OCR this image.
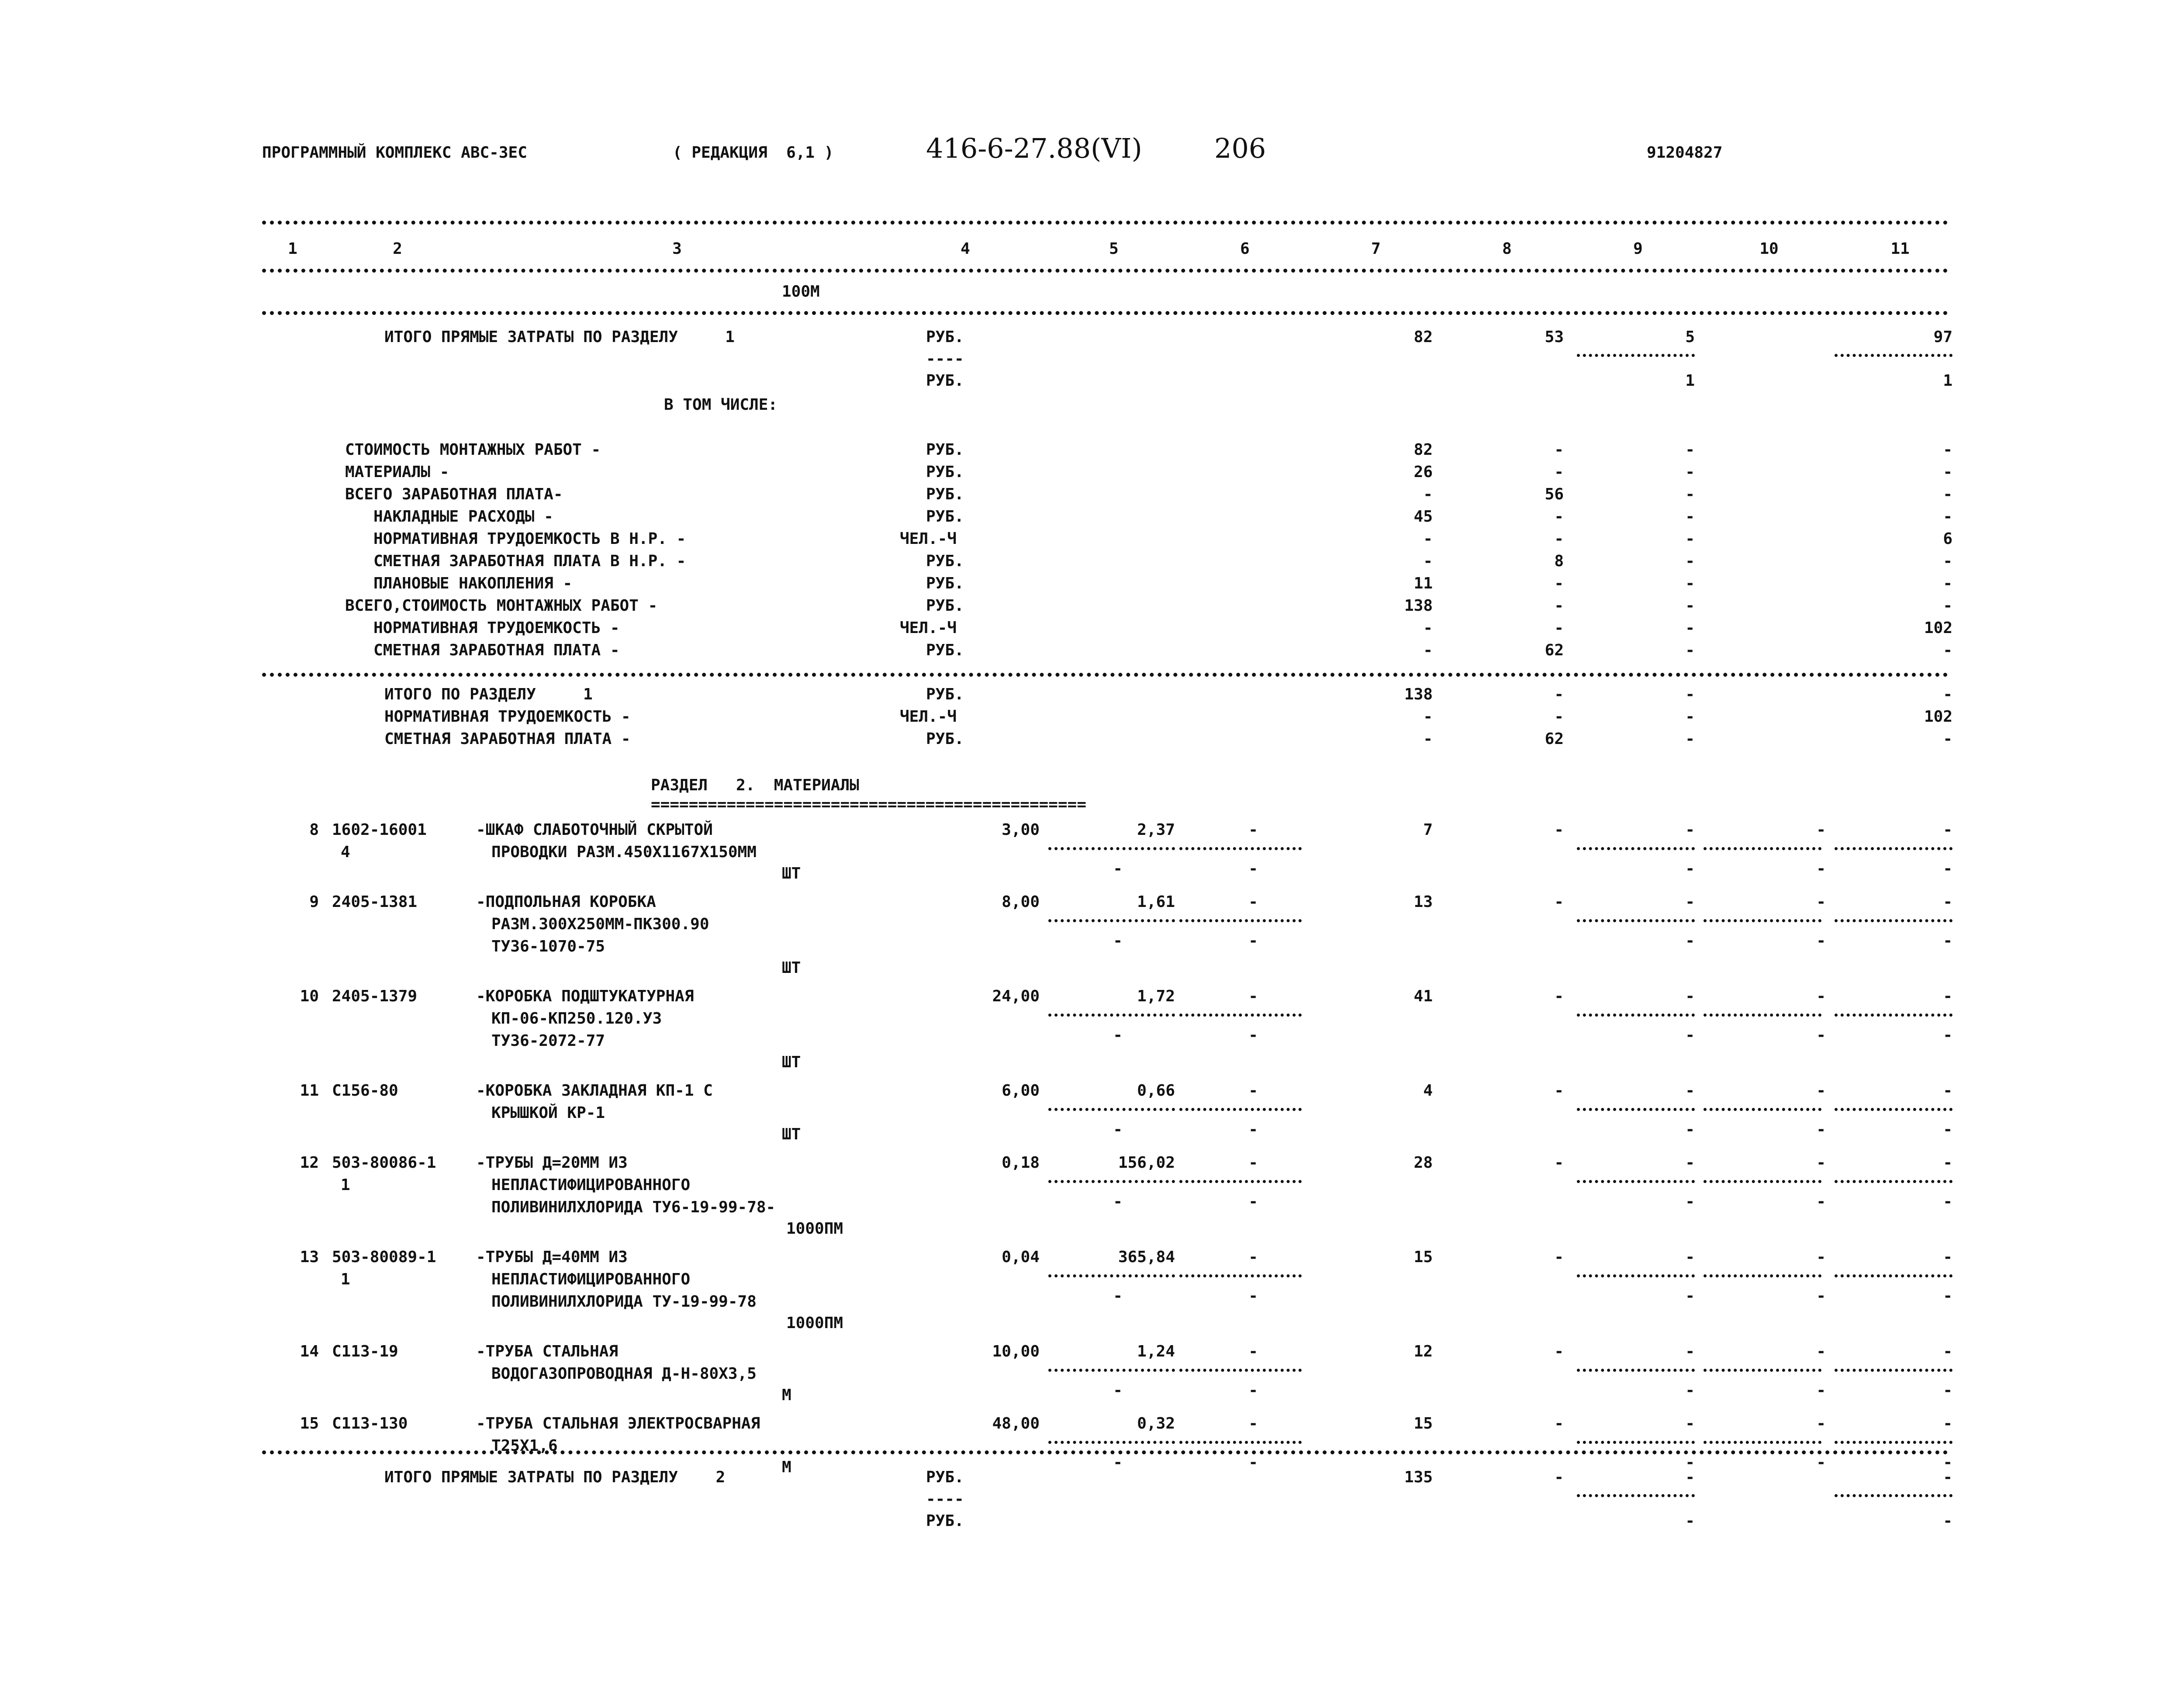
ПРОГРАММНЫЙ КОМПЛЕКС АВС-3ЕС	( РЕДАКЦИЯ  6,1 )	416-6-27.88(VI)	206	91204827
1	2	3	4	5	6	7	8	9	10	11
100М
ИТОГО ПРЯМЫЕ ЗАТРАТЫ ПО РАЗДЕЛУ     1	РУБ.	82	53	5	97
----
РУБ.	1	1
В ТОМ ЧИСЛЕ:
СТОИМОСТЬ МОНТАЖНЫХ РАБОТ -	РУБ.	82	-	-	-
МАТЕРИАЛЫ -	РУБ.	26	-	-	-
ВСЕГО ЗАРАБОТНАЯ ПЛАТА-	РУБ.	-	56	-	-
НАКЛАДНЫЕ РАСХОДЫ -	РУБ.	45	-	-	-
НОРМАТИВНАЯ ТРУДОЕМКОСТЬ В Н.Р. -	ЧЕЛ.-Ч	-	-	-	6
СМЕТНАЯ ЗАРАБОТНАЯ ПЛАТА В Н.Р. -	РУБ.	-	8	-	-
ПЛАНОВЫЕ НАКОПЛЕНИЯ -	РУБ.	11	-	-	-
ВСЕГО,СТОИМОСТЬ МОНТАЖНЫХ РАБОТ -	РУБ.	138	-	-	-
НОРМАТИВНАЯ ТРУДОЕМКОСТЬ -	ЧЕЛ.-Ч	-	-	-	102
СМЕТНАЯ ЗАРАБОТНАЯ ПЛАТА -	РУБ.	-	62	-	-
ИТОГО ПО РАЗДЕЛУ     1	РУБ.	138	-	-	-
НОРМАТИВНАЯ ТРУДОЕМКОСТЬ -	ЧЕЛ.-Ч	-	-	-	102
СМЕТНАЯ ЗАРАБОТНАЯ ПЛАТА -	РУБ.	-	62	-	-
РАЗДЕЛ   2.  МАТЕРИАЛЫ
==============================================
8 1602-16001
4
-ШКАФ СЛАБОТОЧНЫЙ СКРЫТОЙ
ПРОВОДКИ РАЗМ.450Х1167Х150ММ
3,00	2,37	-	7	-	-	-	-
-	-	-	-	-
ШТ
9 2405-1381	-ПОДПОЛЬНАЯ КОРОБКА
РАЗМ.300Х250ММ-ПК300.90
ТУ36-1070-75
8,00	1,61	-	13	-	-	-	-
-	-	-	-	-
ШТ
10 2405-1379	-КОРОБКА ПОДШТУКАТУРНАЯ
КП-06-КП250.120.У3
ТУ36-2072-77
24,00	1,72	-	41	-	-	-	-
-	-	-	-	-
ШТ
11 С156-80	-КОРОБКА ЗАКЛАДНАЯ КП-1 С
КРЫШКОЙ КР-1
6,00	0,66	-	4	-	-	-	-
-	-	-	-	-
ШТ
12 503-80086-1
1
-ТРУБЫ Д=20ММ ИЗ
НЕПЛАСТИФИЦИРОВАННОГО
ПОЛИВИНИЛХЛОРИДА ТУ6-19-99-78-
0,18	156,02	-	28	-	-	-	-
-	-	-	-	-
1000ПМ
13 503-80089-1
1
-ТРУБЫ Д=40ММ ИЗ
НЕПЛАСТИФИЦИРОВАННОГО
ПОЛИВИНИЛХЛОРИДА ТУ-19-99-78
0,04	365,84	-	15	-	-	-	-
-	-	-	-	-
1000ПМ
14 С113-19	-ТРУБА СТАЛЬНАЯ
ВОДОГАЗОПРОВОДНАЯ Д-Н-80Х3,5
10,00	1,24	-	12	-	-	-	-
-	-	-	-	-
М
15 С113-130	-ТРУБА СТАЛЬНАЯ ЭЛЕКТРОСВАРНАЯ
Т25Х1,6
48,00	0,32	-	15	-	-	-	-
-	-	-	-	-
М
ИТОГО ПРЯМЫЕ ЗАТРАТЫ ПО РАЗДЕЛУ    2	РУБ.	135	-	-	-
----
РУБ.	-	-
